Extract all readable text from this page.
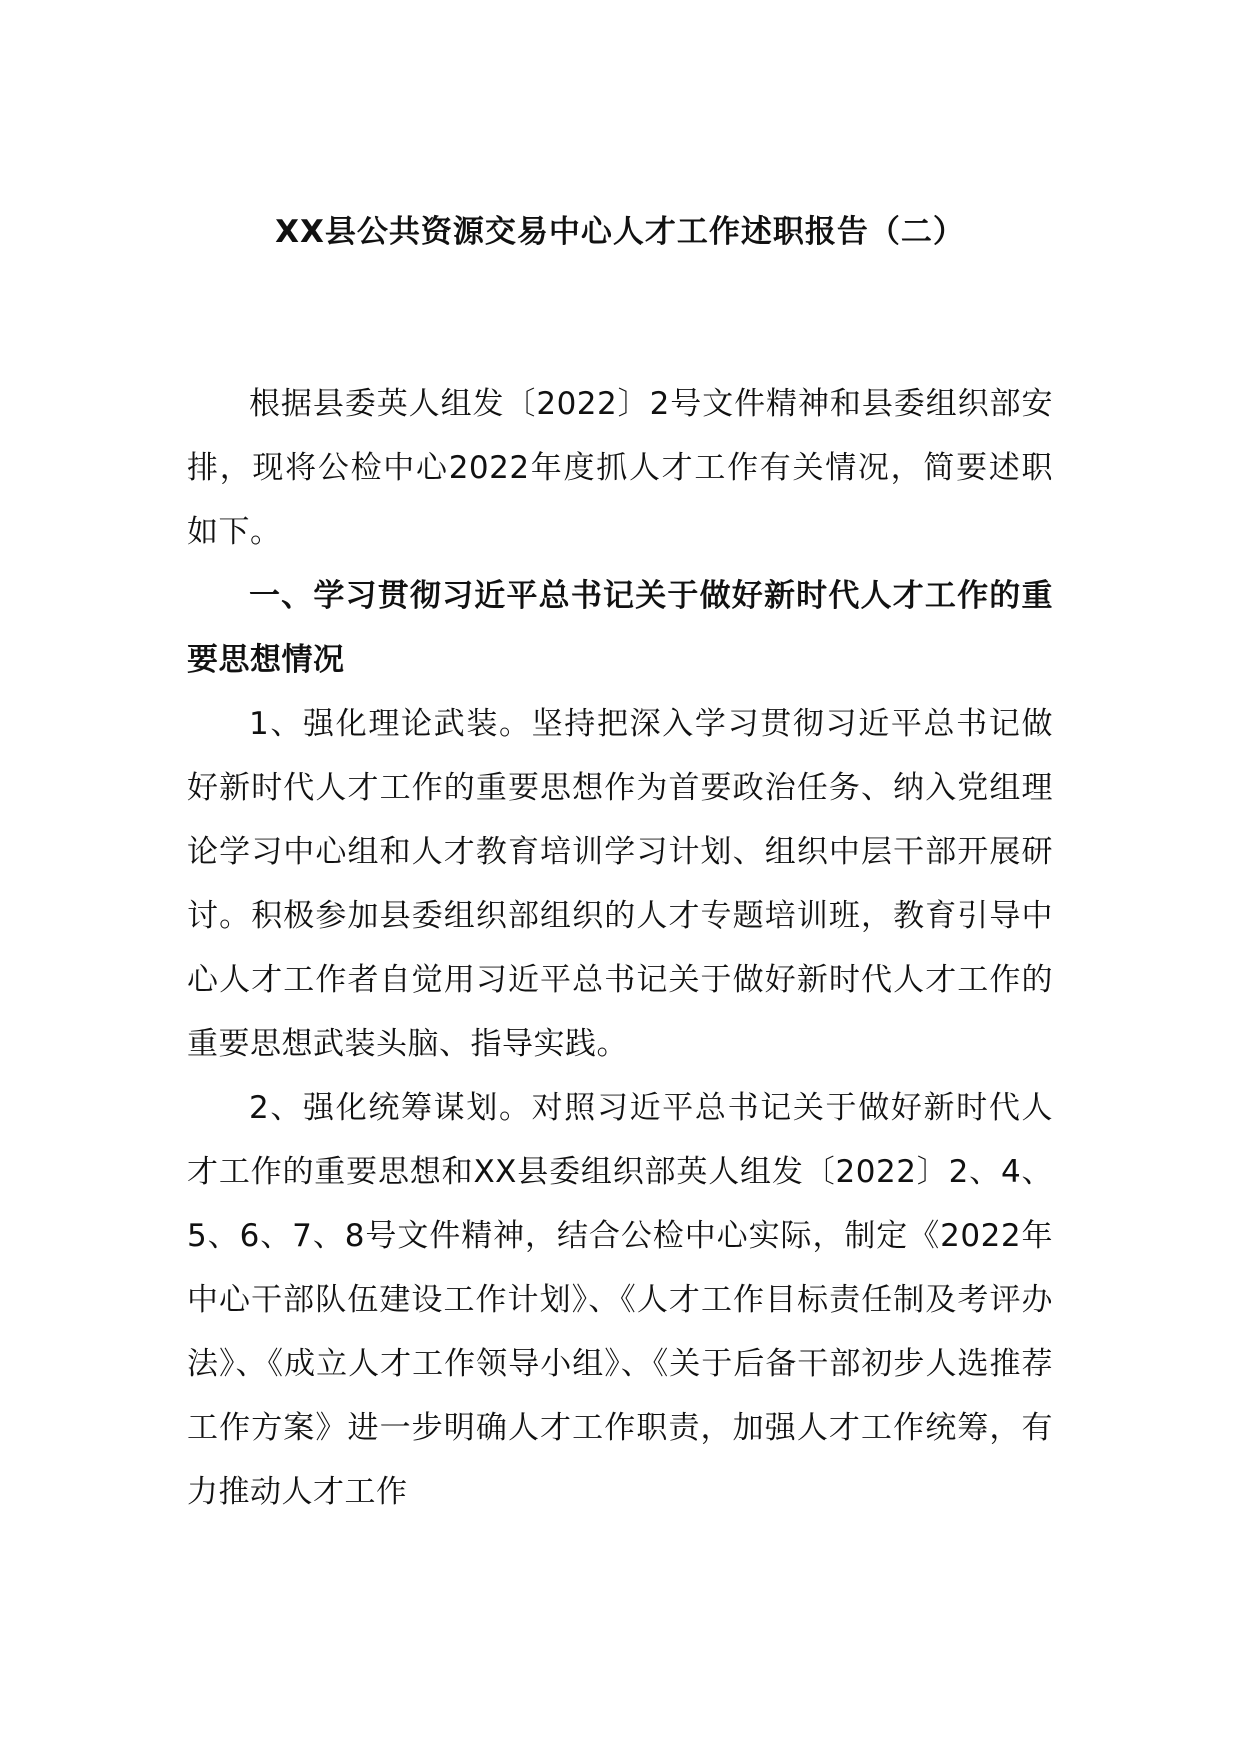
XX县公共资源交易中心人才工作述职报告（二）

根据县委英人组发〔2022〕2号文件精神和县委组织部安排，现将公检中心2022年度抓人才工作有关情况，简要述职如下。

一、学习贯彻习近平总书记关于做好新时代人才工作的重要思想情况

1、强化理论武装。坚持把深入学习贯彻习近平总书记做好新时代人才工作的重要思想作为首要政治任务、纳入党组理论学习中心组和人才教育培训学习计划、组织中层干部开展研讨。积极参加县委组织部组织的人才专题培训班，教育引导中心人才工作者自觉用习近平总书记关于做好新时代人才工作的重要思想武装头脑、指导实践。

2、强化统筹谋划。对照习近平总书记关于做好新时代人才工作的重要思想和XX县委组织部英人组发〔2022〕2、4、5、6、7、8号文件精神，结合公检中心实际，制定《2022年中心干部队伍建设工作计划》、《人才工作目标责任制及考评办法》、《成立人才工作领导小组》、《关于后备干部初步人选推荐工作方案》进一步明确人才工作职责，加强人才工作统筹，有力推动人才工作
